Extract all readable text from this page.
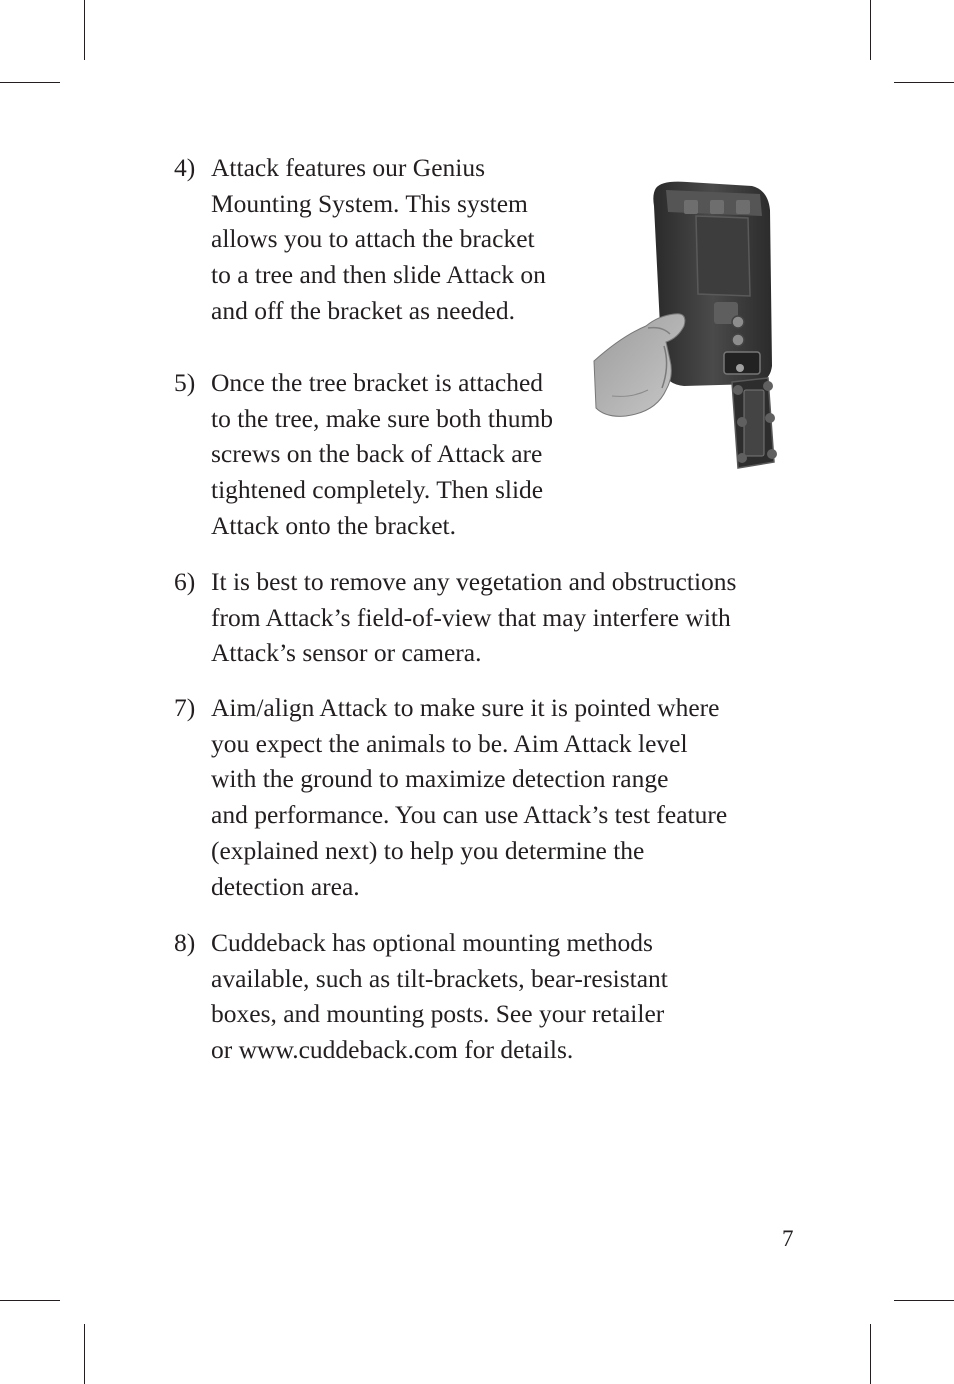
4) Attack features our Genius
Mounting System. This system
allows you to attach the bracket
to a tree and then slide Attack on
and off the bracket as needed.
5) Once the tree bracket is attached
to the tree, make sure both thumb
screws on the back of Attack are
tightened completely. Then slide
Attack onto the bracket.
6) It is best to remove any vegetation and obstructions
from Attack’s field-of-view that may interfere with
Attack’s sensor or camera.
7) Aim/align Attack to make sure it is pointed where
you expect the animals to be. Aim Attack level
with the ground to maximize detection range
and performance. You can use Attack’s test feature
(explained next) to help you determine the
detection area.
8) Cuddeback has optional mounting methods
available, such as tilt-brackets, bear-resistant
boxes, and mounting posts. See your retailer
or www.cuddeback.com for details.
7
